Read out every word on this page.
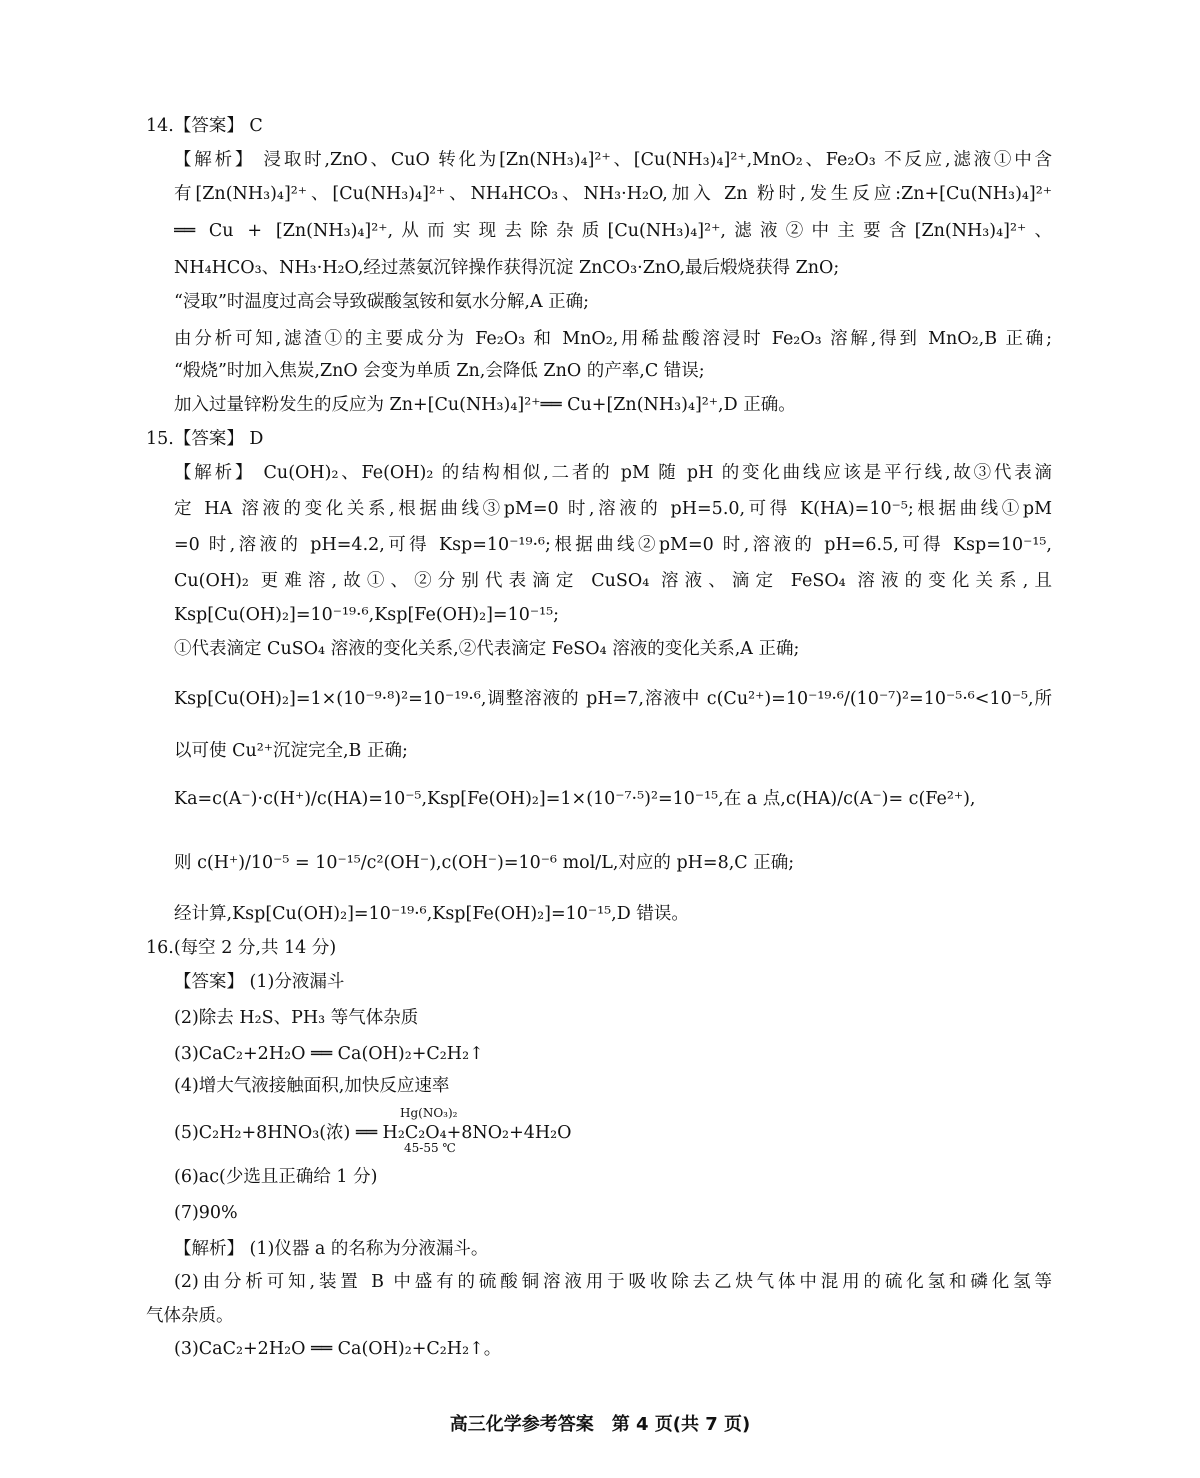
14.【答案】 C
【解析】 浸取时,ZnO、CuO 转化为[Zn(NH₃)₄]²⁺、[Cu(NH₃)₄]²⁺,MnO₂、Fe₂O₃ 不反应,滤液①中含
有[Zn(NH₃)₄]²⁺、[Cu(NH₃)₄]²⁺、NH₄HCO₃、NH₃·H₂O,加入 Zn 粉时,发生反应:Zn+[Cu(NH₃)₄]²⁺
══ Cu + [Zn(NH₃)₄]²⁺,从而实现去除杂质[Cu(NH₃)₄]²⁺,滤液②中主要含[Zn(NH₃)₄]²⁺、
NH₄HCO₃、NH₃·H₂O,经过蒸氨沉锌操作获得沉淀 ZnCO₃·ZnO,最后煅烧获得 ZnO;
“浸取”时温度过高会导致碳酸氢铵和氨水分解,A 正确;
由分析可知,滤渣①的主要成分为 Fe₂O₃ 和 MnO₂,用稀盐酸溶浸时 Fe₂O₃ 溶解,得到 MnO₂,B 正确;
“煅烧”时加入焦炭,ZnO 会变为单质 Zn,会降低 ZnO 的产率,C 错误;
加入过量锌粉发生的反应为 Zn+[Cu(NH₃)₄]²⁺══ Cu+[Zn(NH₃)₄]²⁺,D 正确。
15.【答案】 D
【解析】 Cu(OH)₂、Fe(OH)₂ 的结构相似,二者的 pM 随 pH 的变化曲线应该是平行线,故③代表滴
定 HA 溶液的变化关系,根据曲线③pM=0 时,溶液的 pH=5.0,可得 K(HA)=10⁻⁵;根据曲线①pM
=0 时,溶液的 pH=4.2,可得 Ksp=10⁻¹⁹·⁶;根据曲线②pM=0 时,溶液的 pH=6.5,可得 Ksp=10⁻¹⁵,
Cu(OH)₂ 更难溶,故①、②分别代表滴定 CuSO₄ 溶液、滴定 FeSO₄ 溶液的变化关系,且
Ksp[Cu(OH)₂]=10⁻¹⁹·⁶,Ksp[Fe(OH)₂]=10⁻¹⁵;
①代表滴定 CuSO₄ 溶液的变化关系,②代表滴定 FeSO₄ 溶液的变化关系,A 正确;
Ksp[Cu(OH)₂]=1×(10⁻⁹·⁸)²=10⁻¹⁹·⁶,调整溶液的 pH=7,溶液中 c(Cu²⁺)=10⁻¹⁹·⁶/(10⁻⁷)²=10⁻⁵·⁶<10⁻⁵,所
以可使 Cu²⁺沉淀完全,B 正确;
Ka=c(A⁻)·c(H⁺)/c(HA)=10⁻⁵,Ksp[Fe(OH)₂]=1×(10⁻⁷·⁵)²=10⁻¹⁵,在 a 点,c(HA)/c(A⁻)= c(Fe²⁺),
则 c(H⁺)/10⁻⁵ = 10⁻¹⁵/c²(OH⁻),c(OH⁻)=10⁻⁶ mol/L,对应的 pH=8,C 正确;
经计算,Ksp[Cu(OH)₂]=10⁻¹⁹·⁶,Ksp[Fe(OH)₂]=10⁻¹⁵,D 错误。
16.(每空 2 分,共 14 分)
【答案】 (1)分液漏斗
(2)除去 H₂S、PH₃ 等气体杂质
(3)CaC₂+2H₂O ══ Ca(OH)₂+C₂H₂↑
(4)增大气液接触面积,加快反应速率
Hg(NO₃)₂
(5)C₂H₂+8HNO₃(浓) ══ H₂C₂O₄+8NO₂+4H₂O
45-55 ℃
(6)ac(少选且正确给 1 分)
(7)90%
【解析】 (1)仪器 a 的名称为分液漏斗。
(2)由分析可知,装置 B 中盛有的硫酸铜溶液用于吸收除去乙炔气体中混用的硫化氢和磷化氢等
气体杂质。
(3)CaC₂+2H₂O ══ Ca(OH)₂+C₂H₂↑。
高三化学参考答案　第 4 页(共 7 页)
